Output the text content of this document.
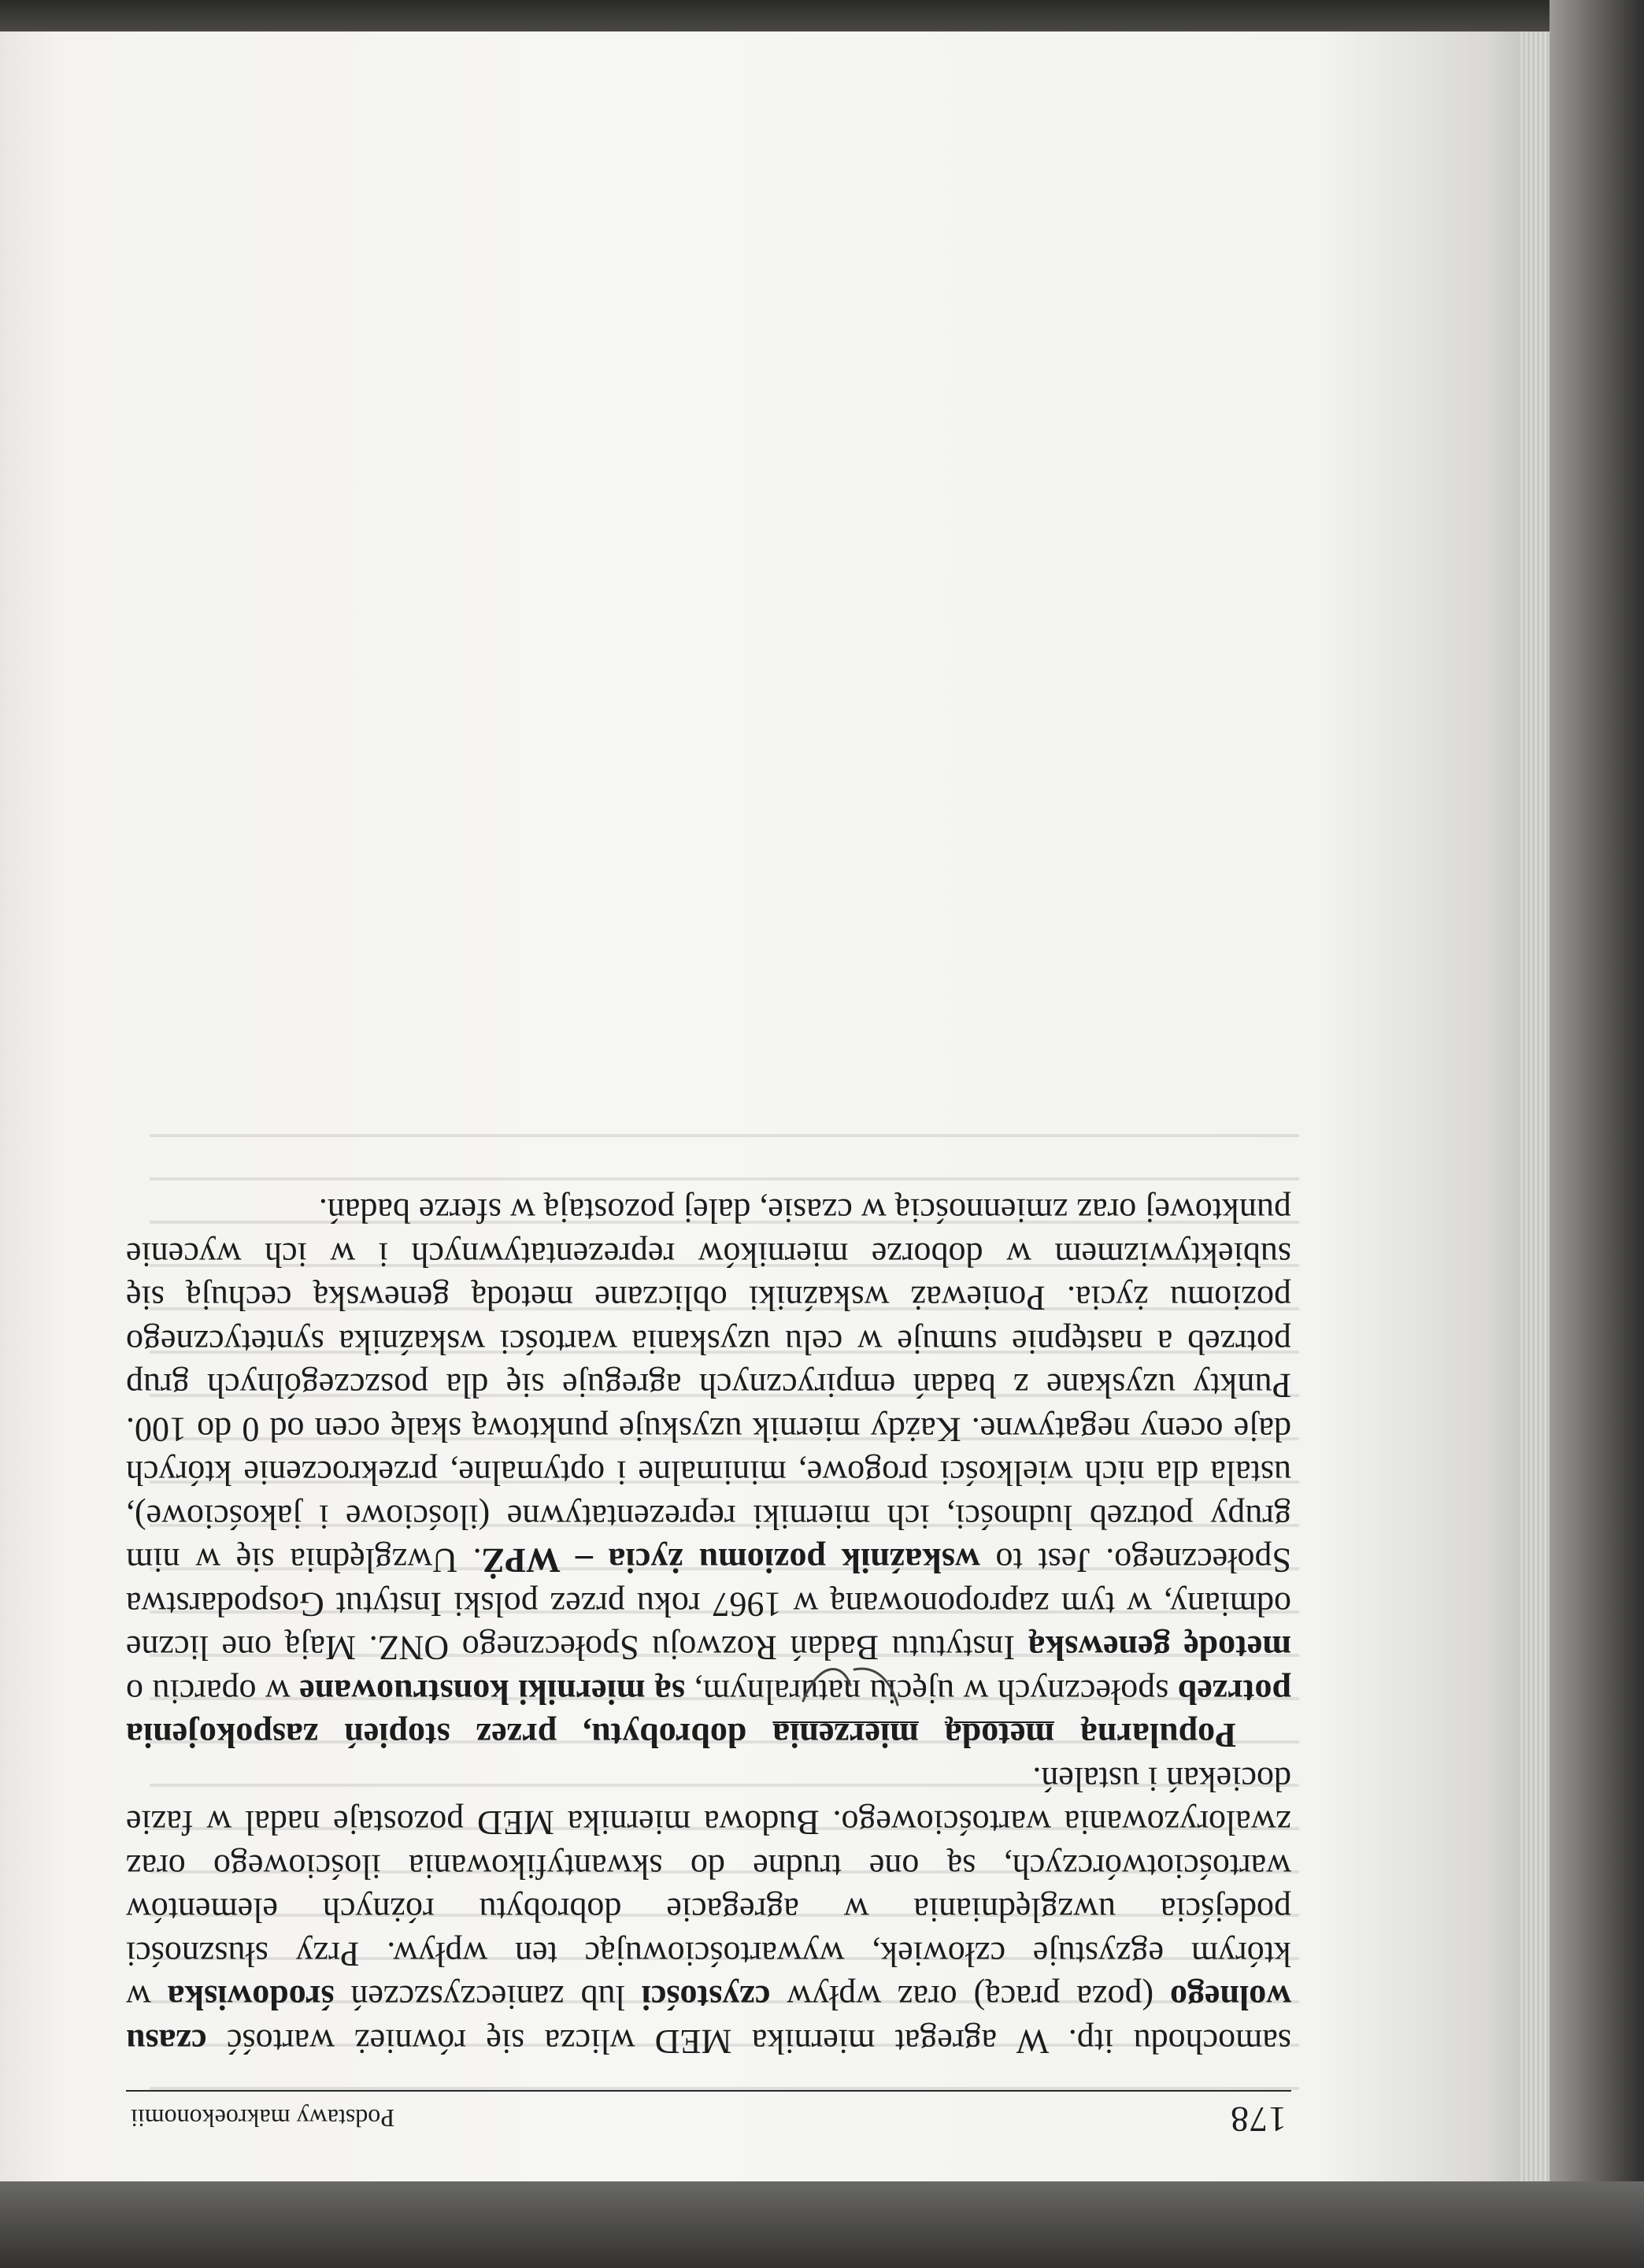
178
Podstawy makroekonomii

samochodu itp. W agregat miernika MED wlicza się również wartość czasu wolnego (poza pracą) oraz wpływ czystości lub zanieczyszczeń środowiska w którym egzystuje człowiek, wywartościowując ten wpływ. Przy słuszności podejścia uwzględniania w agregacie dobrobytu różnych elementów wartościotwórczych, są one trudne do skwantyfikowania ilościowego oraz zwaloryzowania wartościowego. Budowa miernika MED pozostaje nadal w fazie dociekań i ustaleń.

Popularną metodą mierzenia dobrobytu, przez stopień zaspokojenia potrzeb społecznych w ujęciu naturalnym, są mierniki konstruowane w oparciu o metodę genewską Instytutu Badań Rozwoju Społecznego ONZ. Mają one liczne odmiany, w tym zaproponowaną w 1967 roku przez polski Instytut Gospodarstwa Społecznego. Jest to wskaźnik poziomu życia – WPŻ. Uwzględnia się w nim grupy potrzeb ludności, ich mierniki reprezentatywne (ilościowe i jakościowe), ustala dla nich wielkości progowe, minimalne i optymalne, przekroczenie których daje oceny negatywne. Każdy miernik uzyskuje punktową skalę ocen od 0 do 100. Punkty uzyskane z badań empirycznych agreguje się dla poszczególnych grup potrzeb a następnie sumuje w celu uzyskania wartości wskaźnika syntetycznego poziomu życia. Ponieważ wskaźniki obliczane metodą genewską cechują się subiektywizmem w doborze mierników reprezentatywnych i w ich wycenie punktowej oraz zmiennością w czasie, dalej pozostają w sferze badań.
